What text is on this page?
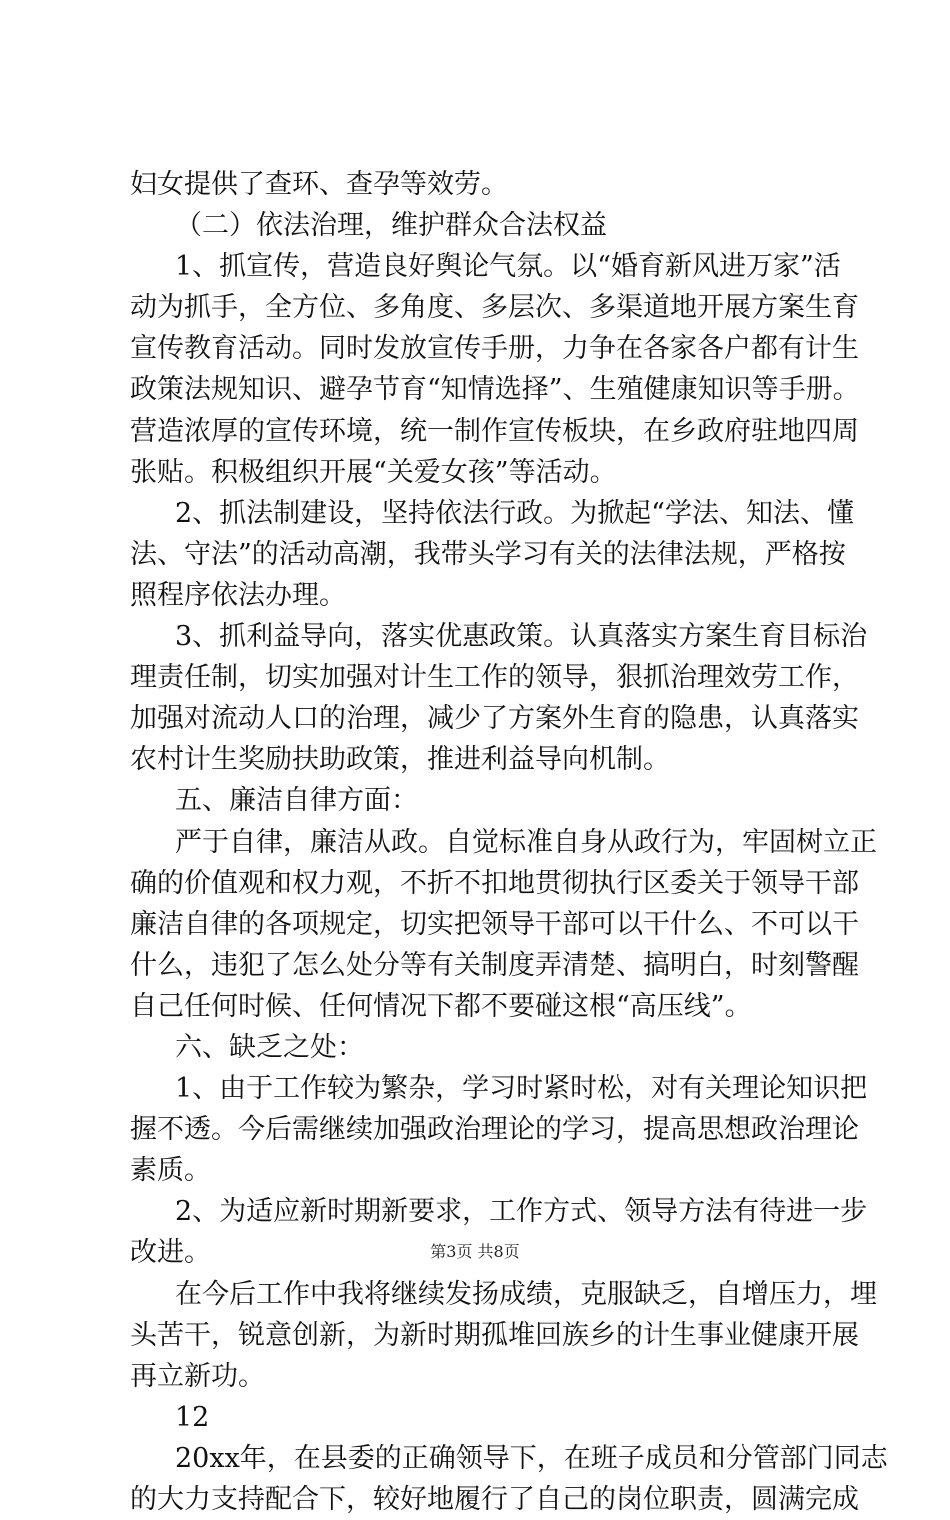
妇女提供了查环、查孕等效劳。
（二）依法治理，维护群众合法权益
1、抓宣传，营造良好舆论气氛。以“婚育新风进万家”活
动为抓手，全方位、多角度、多层次、多渠道地开展方案生育
宣传教育活动。同时发放宣传手册，力争在各家各户都有计生
政策法规知识、避孕节育“知情选择”、生殖健康知识等手册。
营造浓厚的宣传环境，统一制作宣传板块，在乡政府驻地四周
张贴。积极组织开展“关爱女孩”等活动。
2、抓法制建设，坚持依法行政。为掀起“学法、知法、懂
法、守法”的活动高潮，我带头学习有关的法律法规，严格按
照程序依法办理。
3、抓利益导向，落实优惠政策。认真落实方案生育目标治
理责任制，切实加强对计生工作的领导，狠抓治理效劳工作，
加强对流动人口的治理，减少了方案外生育的隐患，认真落实
农村计生奖励扶助政策，推进利益导向机制。
五、廉洁自律方面：
严于自律，廉洁从政。自觉标准自身从政行为，牢固树立正
确的价值观和权力观，不折不扣地贯彻执行区委关于领导干部
廉洁自律的各项规定，切实把领导干部可以干什么、不可以干
什么，违犯了怎么处分等有关制度弄清楚、搞明白，时刻警醒
自己任何时候、任何情况下都不要碰这根“高压线”。
六、缺乏之处：
1、由于工作较为繁杂，学习时紧时松，对有关理论知识把
握不透。今后需继续加强政治理论的学习，提高思想政治理论
素质。
2、为适应新时期新要求，工作方式、领导方法有待进一步
改进。
在今后工作中我将继续发扬成绩，克服缺乏，自增压力，埋
头苦干，锐意创新，为新时期孤堆回族乡的计生事业健康开展
再立新功。
12
20xx年，在县委的正确领导下，在班子成员和分管部门同志
的大力支持配合下，较好地履行了自己的岗位职责，圆满完成
第3页 共8页
